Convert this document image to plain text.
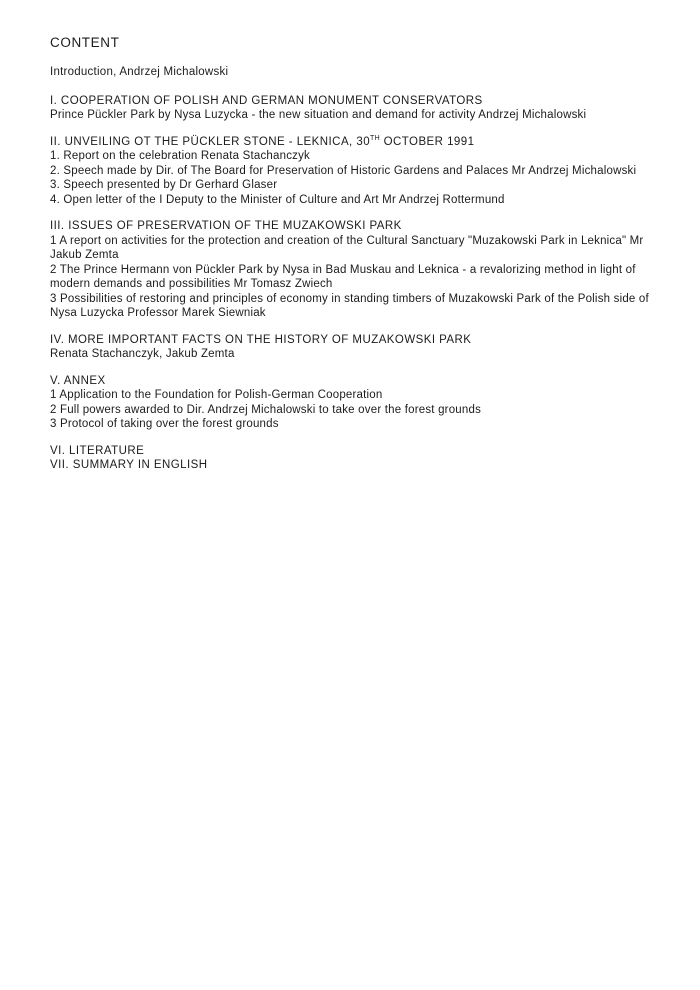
CONTENT

Introduction, Andrzej Michalowski

I. COOPERATION OF POLISH AND GERMAN MONUMENT CONSERVATORS

Prince Pückler Park by Nysa Luzycka - the new situation and demand for activity Andrzej Michalowski

II. UNVEILING OT THE PÜCKLER STONE - LEKNICA, 30TH OCTOBER 1991

1. Report on the celebration Renata Stachanczyk

2. Speech made by Dir. of The Board for Preservation of Historic Gardens and Palaces Mr Andrzej Michalowski

3. Speech presented by Dr Gerhard Glaser

4. Open letter of the I Deputy to the Minister of Culture and Art Mr Andrzej Rottermund

III. ISSUES OF PRESERVATION OF THE MUZAKOWSKI PARK

1 A report on activities for the protection and creation of the Cultural Sanctuary "Muzakowski Park in Leknica" Mr Jakub Zemta

2 The Prince Hermann von Pückler Park by Nysa in Bad Muskau and Leknica - a revalorizing method in light of modern demands and possibilities Mr Tomasz Zwiech

3 Possibilities of restoring and principles of economy in standing timbers of Muzakowski Park of the Polish side of Nysa Luzycka Professor Marek Siewniak

IV. MORE IMPORTANT FACTS ON THE HISTORY OF MUZAKOWSKI PARK

Renata Stachanczyk, Jakub Zemta

V. ANNEX

1 Application to the Foundation for Polish-German Cooperation

2 Full powers awarded to Dir. Andrzej Michalowski to take over the forest grounds

3 Protocol of taking over the forest grounds

VI. LITERATURE
VII. SUMMARY IN ENGLISH
